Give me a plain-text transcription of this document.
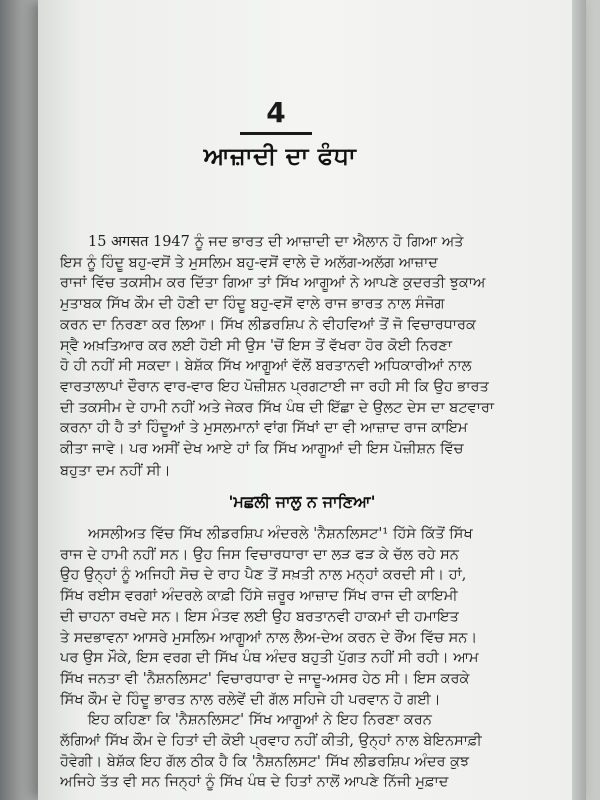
4
ਆਜ਼ਾਦੀ ਦਾ ਫੰਧਾ
15 अगसत 1947 ਨੂੰ ਜਦ ਭਾਰਤ ਦੀ ਆਜ਼ਾਦੀ ਦਾ ਐਲਾਨ ਹੋ ਗਿਆ ਅਤੇ
ਇਸ ਨੂੰ ਹਿੰਦੂ ਬਹੁ-ਵਸੋਂ ਤੇ ਮੁਸਲਿਮ ਬਹੁ-ਵਸੋਂ ਵਾਲੇ ਦੋ ਅਲੱਗ-ਅਲੱਗ ਆਜ਼ਾਦ
ਰਾਜਾਂ ਵਿੱਚ ਤਕਸੀਮ ਕਰ ਦਿੱਤਾ ਗਿਆ ਤਾਂ ਸਿੱਖ ਆਗੂਆਂ ਨੇ ਆਪਣੇ ਕੁਦਰਤੀ ਝੁਕਾਅ
ਮੁਤਾਬਕ ਸਿੱਖ ਕੌਮ ਦੀ ਹੋਣੀ ਦਾ ਹਿੰਦੂ ਬਹੁ-ਵਸੋਂ ਵਾਲੇ ਰਾਜ ਭਾਰਤ ਨਾਲ ਸੰਜੋਗ
ਕਰਨ ਦਾ ਨਿਰਣਾ ਕਰ ਲਿਆ। ਸਿੱਖ ਲੀਡਰਸ਼ਿਪ ਨੇ ਵੀਹਵਿਆਂ ਤੋਂ ਜੋ ਵਿਚਾਰਧਾਰਕ
ਸ੍ਵੈ ਅਖ਼ਤਿਆਰ ਕਰ ਲਈ ਹੋਈ ਸੀ ਉਸ 'ਚੋਂ ਇਸ ਤੋਂ ਵੱਖਰਾ ਹੋਰ ਕੋਈ ਨਿਰਣਾ
ਹੋ ਹੀ ਨਹੀਂ ਸੀ ਸਕਦਾ। ਬੇਸ਼ੱਕ ਸਿੱਖ ਆਗੂਆਂ ਵੱਲੋਂ ਬਰਤਾਨਵੀ ਅਧਿਕਾਰੀਆਂ ਨਾਲ
ਵਾਰਤਾਲਾਪਾਂ ਦੌਰਾਨ ਵਾਰ-ਵਾਰ ਇਹ ਪੋਜ਼ੀਸ਼ਨ ਪ੍ਰਗਟਾਈ ਜਾ ਰਹੀ ਸੀ ਕਿ ਉਹ ਭਾਰਤ
ਦੀ ਤਕਸੀਮ ਦੇ ਹਾਮੀ ਨਹੀਂ ਅਤੇ ਜੇਕਰ ਸਿੱਖ ਪੰਥ ਦੀ ਇੱਛਾ ਦੇ ਉਲਟ ਦੇਸ ਦਾ ਬਟਵਾਰਾ
ਕਰਨਾ ਹੀ ਹੈ ਤਾਂ ਹਿੰਦੂਆਂ ਤੇ ਮੁਸਲਮਾਨਾਂ ਵਾਂਗ ਸਿੱਖਾਂ ਦਾ ਵੀ ਆਜ਼ਾਦ ਰਾਜ ਕਾਇਮ
ਕੀਤਾ ਜਾਵੇ। ਪਰ ਅਸੀਂ ਦੇਖ ਆਏ ਹਾਂ ਕਿ ਸਿੱਖ ਆਗੂਆਂ ਦੀ ਇਸ ਪੋਜ਼ੀਸ਼ਨ ਵਿੱਚ
ਬਹੁਤਾ ਦਮ ਨਹੀਂ ਸੀ।
'ਮਛਲੀ ਜਾਲੁ ਨ ਜਾਣਿਆ'
ਅਸਲੀਅਤ ਵਿੱਚ ਸਿੱਖ ਲੀਡਰਸ਼ਿਪ ਅੰਦਰਲੇ 'ਨੈਸ਼ਨਲਿਸਟ'¹ ਹਿੱਸੇ ਕਿੱਤੋਂ ਸਿੱਖ
ਰਾਜ ਦੇ ਹਾਮੀ ਨਹੀਂ ਸਨ। ਉਹ ਜਿਸ ਵਿਚਾਰਧਾਰਾ ਦਾ ਲੜ ਫੜ ਕੇ ਚੱਲ ਰਹੇ ਸਨ
ਉਹ ਉਨ੍ਹਾਂ ਨੂੰ ਅਜਿਹੀ ਸੋਚ ਦੇ ਰਾਹ ਪੈਣ ਤੋਂ ਸਖ਼ਤੀ ਨਾਲ ਮਨ੍ਹਾਂ ਕਰਦੀ ਸੀ। ਹਾਂ,
ਸਿੱਖ ਰਈਸ ਵਰਗਾਂ ਅੰਦਰਲੇ ਕਾਫ਼ੀ ਹਿੱਸੇ ਜ਼ਰੂਰ ਆਜ਼ਾਦ ਸਿੱਖ ਰਾਜ ਦੀ ਕਾਇਮੀ
ਦੀ ਚਾਹਨਾ ਰਖਦੇ ਸਨ। ਇਸ ਮੰਤਵ ਲਈ ਉਹ ਬਰਤਾਨਵੀ ਹਾਕਮਾਂ ਦੀ ਹਮਾਇਤ
ਤੇ ਸਦਭਾਵਨਾ ਆਸਰੇ ਮੁਸਲਿਮ ਆਗੂਆਂ ਨਾਲ ਲੈਅ-ਦੇਅ ਕਰਨ ਦੇ ਰੌਂਅ ਵਿੱਚ ਸਨ।
ਪਰ ਉਸ ਮੌਕੇ, ਇਸ ਵਰਗ ਦੀ ਸਿੱਖ ਪੰਥ ਅੰਦਰ ਬਹੁਤੀ ਪੁੱਗਤ ਨਹੀਂ ਸੀ ਰਹੀ। ਆਮ
ਸਿੱਖ ਜਨਤਾ ਵੀ 'ਨੈਸ਼ਨਲਿਸਟ' ਵਿਚਾਰਧਾਰਾ ਦੇ ਜਾਦੂ-ਅਸਰ ਹੇਠ ਸੀ। ਇਸ ਕਰਕੇ
ਸਿੱਖ ਕੌਮ ਦੇ ਹਿੰਦੂ ਭਾਰਤ ਨਾਲ ਰਲੇਵੇਂ ਦੀ ਗੱਲ ਸਹਿਜੇ ਹੀ ਪਰਵਾਨ ਹੋ ਗਈ।
ਇਹ ਕਹਿਣਾ ਕਿ 'ਨੈਸ਼ਨਲਿਸਟ' ਸਿੱਖ ਆਗੂਆਂ ਨੇ ਇਹ ਨਿਰਣਾ ਕਰਨ
ਲੱਗਿਆਂ ਸਿੱਖ ਕੌਮ ਦੇ ਹਿਤਾਂ ਦੀ ਕੋਈ ਪ੍ਰਵਾਹ ਨਹੀਂ ਕੀਤੀ, ਉਨ੍ਹਾਂ ਨਾਲ ਬੇਇਨਸਾਫ਼ੀ
ਹੋਵੇਗੀ। ਬੇਸ਼ੱਕ ਇਹ ਗੱਲ ਠੀਕ ਹੈ ਕਿ 'ਨੈਸ਼ਨਲਿਸਟ' ਸਿੱਖ ਲੀਡਰਸ਼ਿਪ ਅੰਦਰ ਕੁਝ
ਅਜਿਹੇ ਤੱਤ ਵੀ ਸਨ ਜਿਨ੍ਹਾਂ ਨੂੰ ਸਿੱਖ ਪੰਥ ਦੇ ਹਿਤਾਂ ਨਾਲੋਂ ਆਪਣੇ ਨਿੱਜੀ ਮੁਫ਼ਾਦ
